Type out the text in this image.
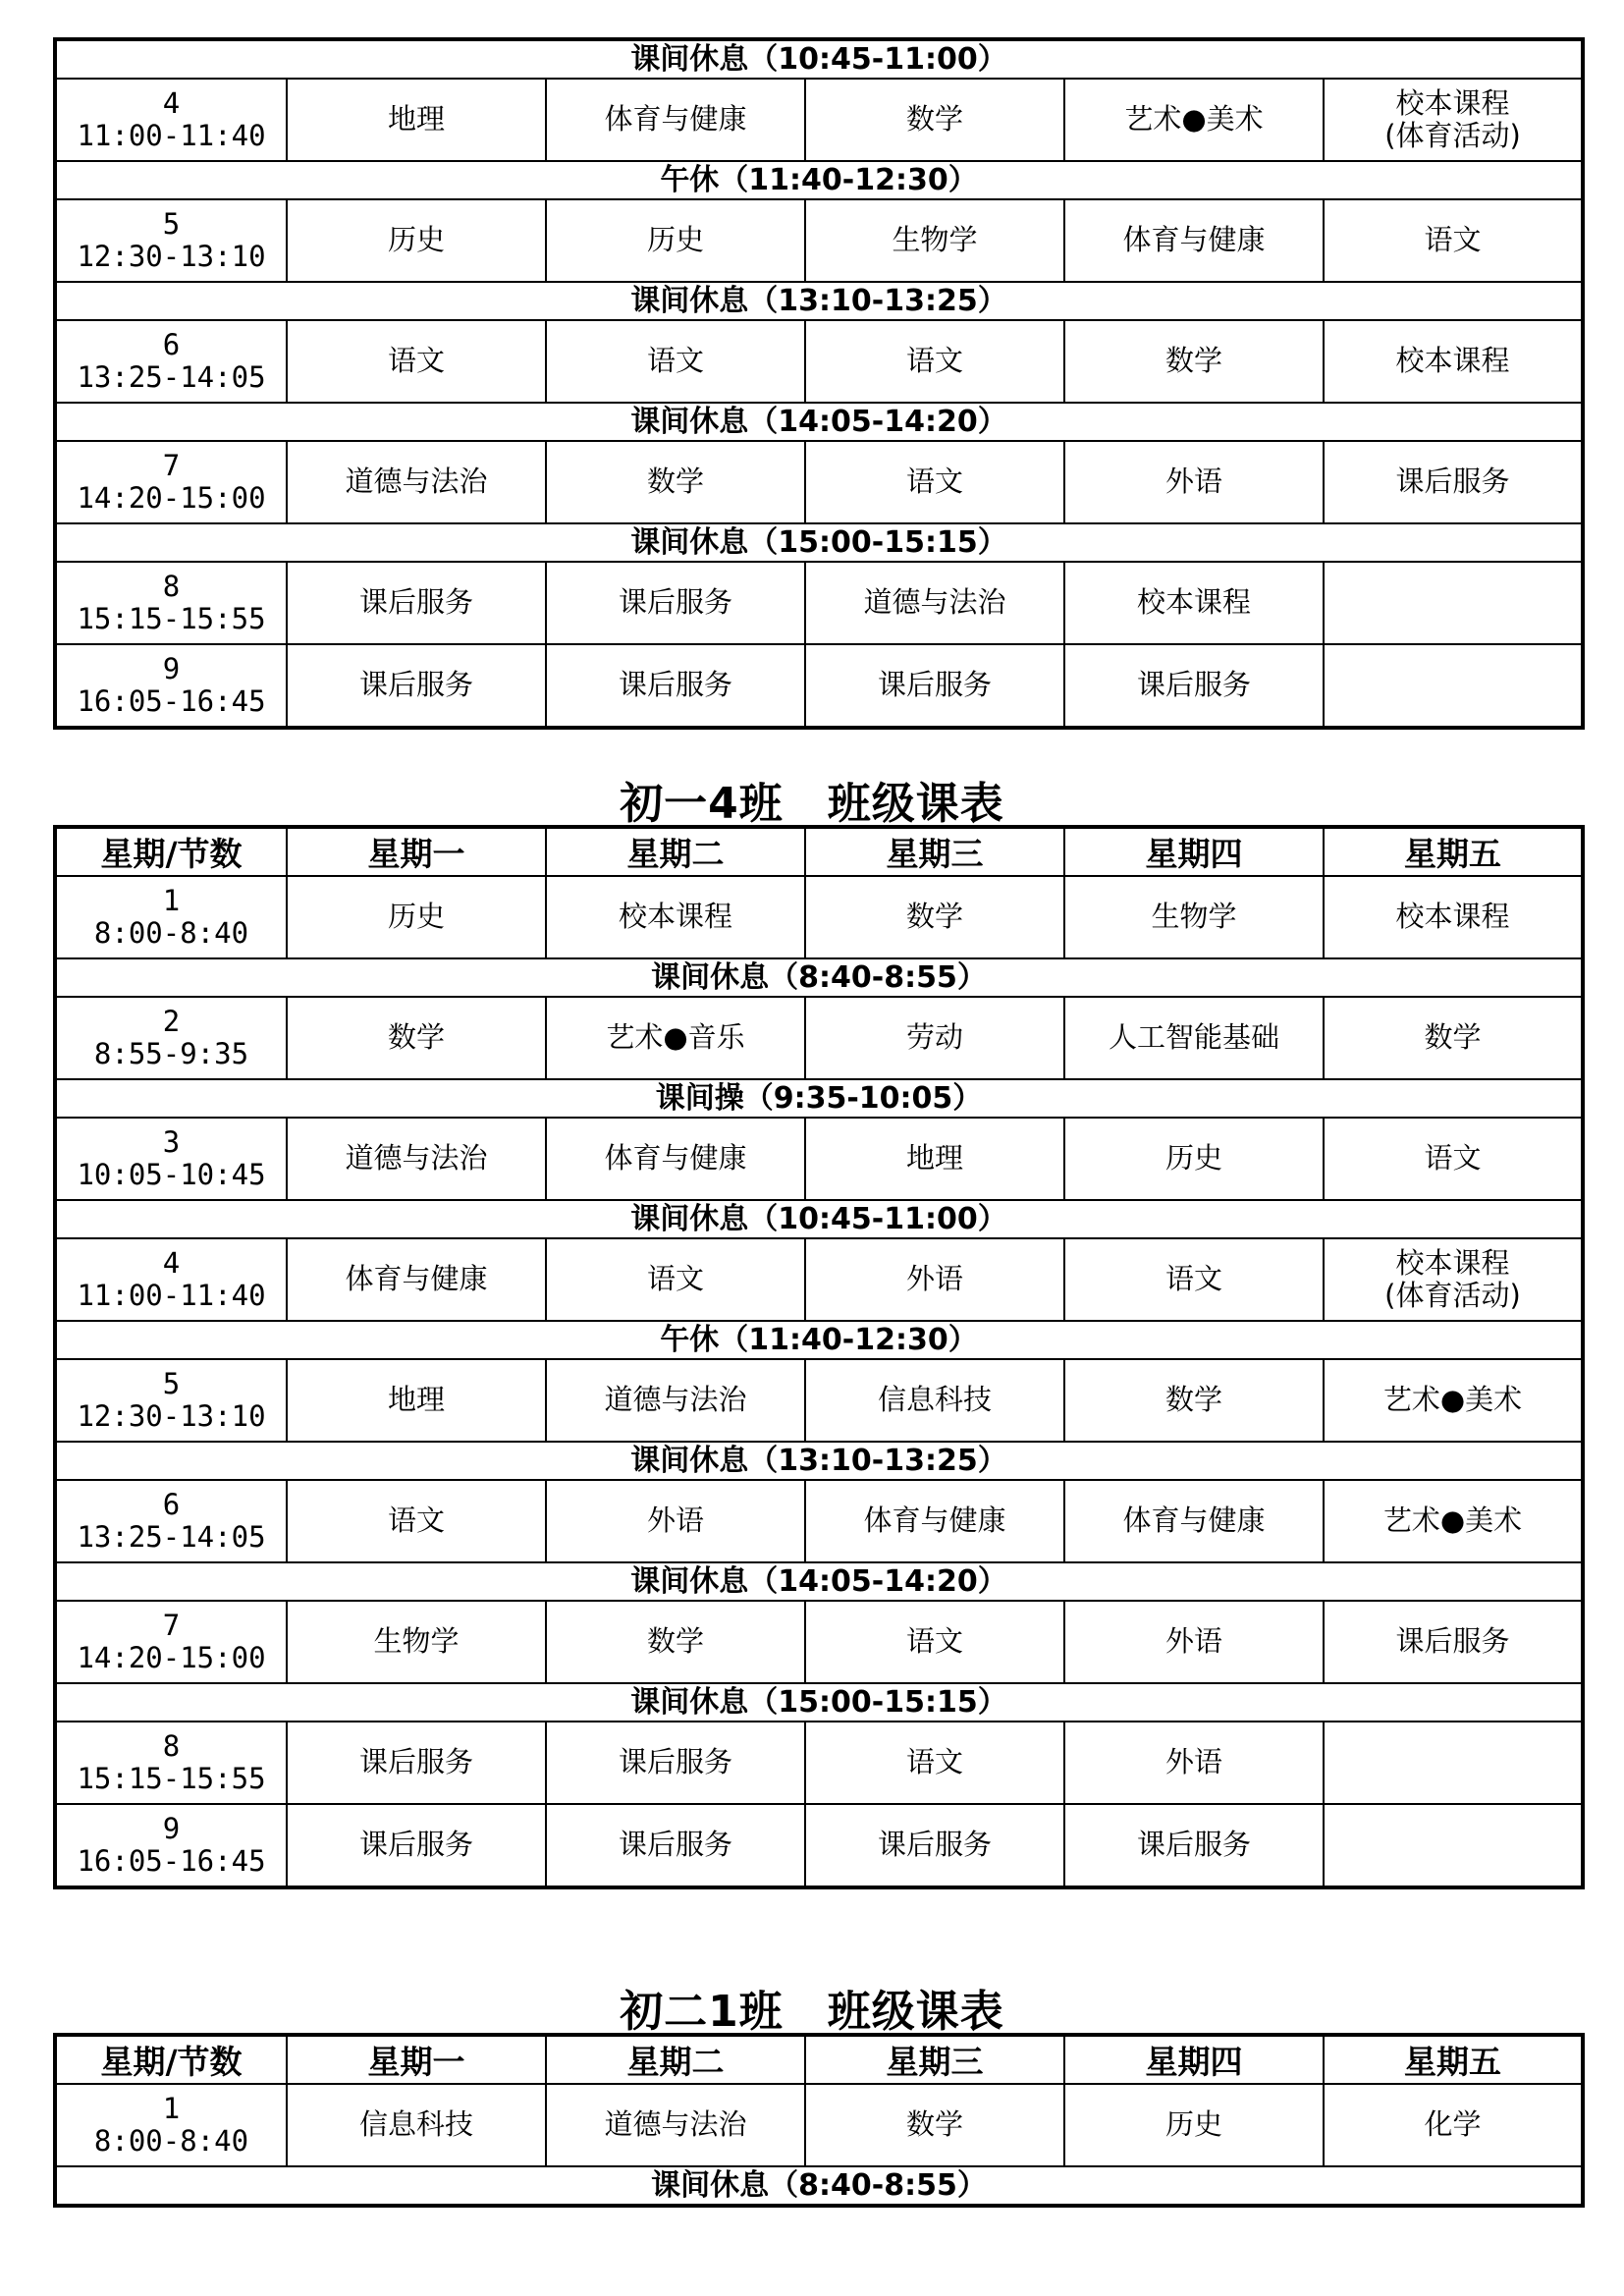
课间休息（10:45-11:00）					

4
11:00-11:40	地理	体育与健康	数学	艺术●美术	校本课程
(体育活动)
午休（11:40-12:30）					

5
12:30-13:10	历史	历史	生物学	体育与健康	语文
课间休息（13:10-13:25）					

6
13:25-14:05	语文	语文	语文	数学	校本课程
课间休息（14:05-14:20）					

7
14:20-15:00	道德与法治	数学	语文	外语	课后服务
课间休息（15:00-15:15）					

8
15:15-15:55	课后服务	课后服务	道德与法治	校本课程	

9
16:05-16:45	课后服务	课后服务	课后服务	课后服务	
初一4班　班级课表
星期/节数	星期一	星期二	星期三	星期四	星期五

1
8:00-8:40	历史	校本课程	数学	生物学	校本课程
课间休息（8:40-8:55）					

2
8:55-9:35	数学	艺术●音乐	劳动	人工智能基础	数学
课间操（9:35-10:05）					

3
10:05-10:45	道德与法治	体育与健康	地理	历史	语文
课间休息（10:45-11:00）					

4
11:00-11:40	体育与健康	语文	外语	语文	校本课程
(体育活动)
午休（11:40-12:30）					

5
12:30-13:10	地理	道德与法治	信息科技	数学	艺术●美术
课间休息（13:10-13:25）					

6
13:25-14:05	语文	外语	体育与健康	体育与健康	艺术●美术
课间休息（14:05-14:20）					

7
14:20-15:00	生物学	数学	语文	外语	课后服务
课间休息（15:00-15:15）					

8
15:15-15:55	课后服务	课后服务	语文	外语	

9
16:05-16:45	课后服务	课后服务	课后服务	课后服务	
初二1班　班级课表
星期/节数	星期一	星期二	星期三	星期四	星期五

1
8:00-8:40	信息科技	道德与法治	数学	历史	化学
课间休息（8:40-8:55）					
